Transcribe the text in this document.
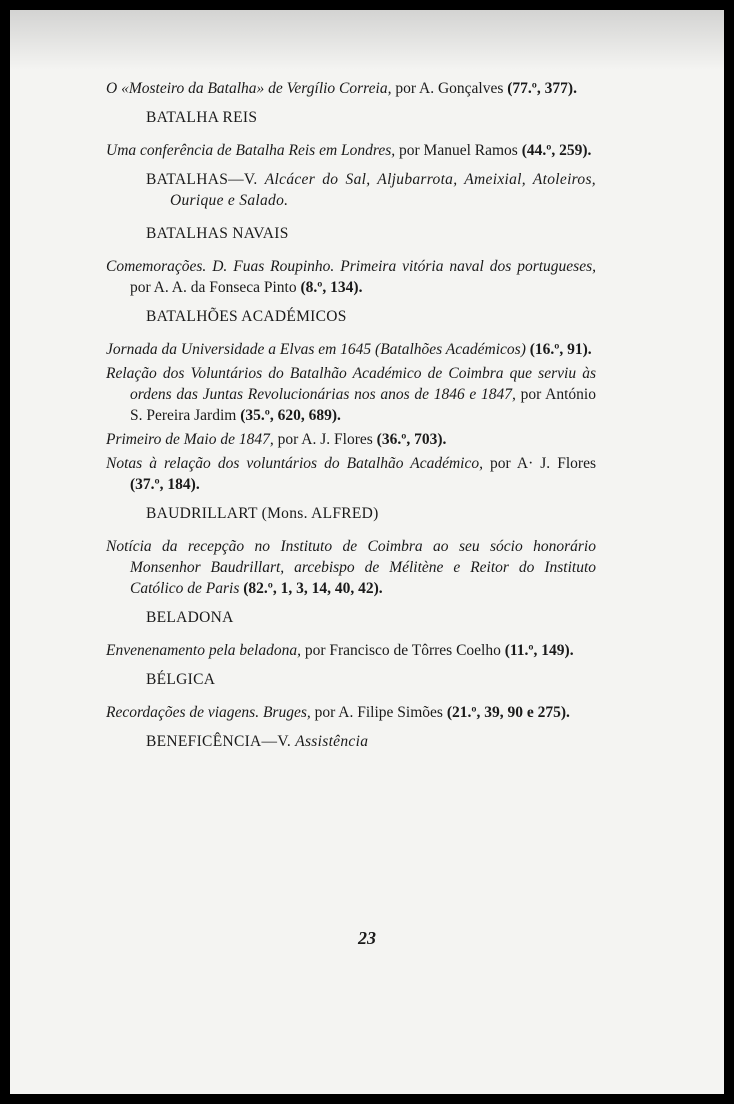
O «Mosteiro da Batalha» de Vergílio Correia, por A. Gonçalves (77.º, 377).

BATALHA REIS

Uma conferência de Batalha Reis em Londres, por Manuel Ramos (44.º, 259).

BATALHAS—V. Alcácer do Sal, Aljubarrota, Ameixial, Atoleiros, Ourique e Salado.
BATALHAS NAVAIS

Comemorações. D. Fuas Roupinho. Primeira vitória naval dos portugueses, por A. A. da Fonseca Pinto (8.º, 134).

BATALHÕES ACADÉMICOS

Jornada da Universidade a Elvas em 1645 (Batalhões Académicos) (16.º, 91).

Relação dos Voluntários do Batalhão Académico de Coimbra que serviu às ordens das Juntas Revolucionárias nos anos de 1846 e 1847, por António S. Pereira Jardim (35.º, 620, 689).

Primeiro de Maio de 1847, por A. J. Flores (36.º, 703).

Notas à relação dos voluntários do Batalhão Académico, por A· J. Flores (37.º, 184).

BAUDRILLART (Mons. ALFRED)

Notícia da recepção no Instituto de Coimbra ao seu sócio honorário Monsenhor Baudrillart, arcebispo de Mélitène e Reitor do Instituto Católico de Paris (82.º, 1, 3, 14, 40, 42).

BELADONA

Envenenamento pela beladona, por Francisco de Tôrres Coelho (11.º, 149).

BÉLGICA

Recordações de viagens. Bruges, por A. Filipe Simões (21.º, 39, 90 e 275).

BENEFICÊNCIA—V. Assistência
23
